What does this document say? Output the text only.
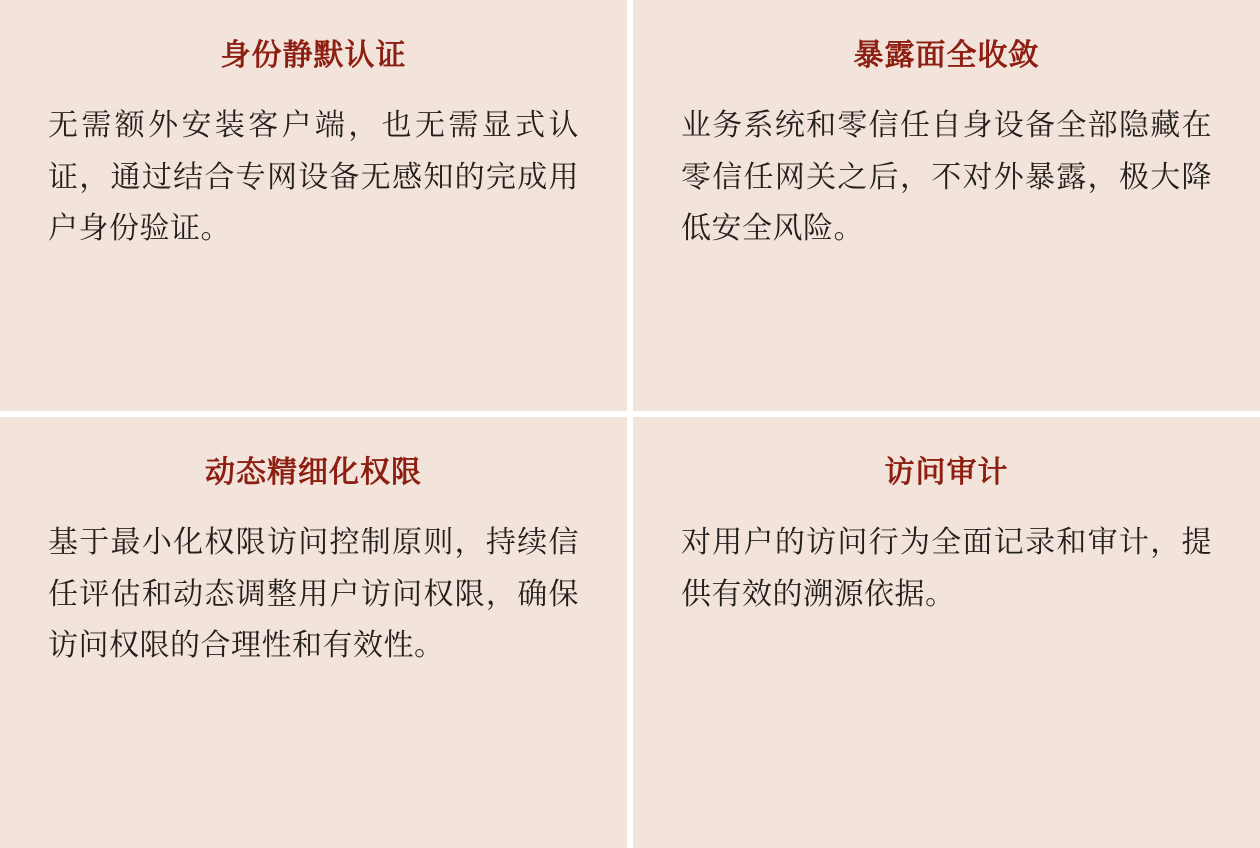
身份静默认证
无需额外安装客户端，也无需显式认证，通过结合专网设备无感知的完成用户身份验证。
暴露面全收敛
业务系统和零信任自身设备全部隐藏在零信任网关之后，不对外暴露，极大降低安全风险。
动态精细化权限
基于最小化权限访问控制原则，持续信任评估和动态调整用户访问权限，确保访问权限的合理性和有效性。
访问审计
对用户的访问行为全面记录和审计，提供有效的溯源依据。
